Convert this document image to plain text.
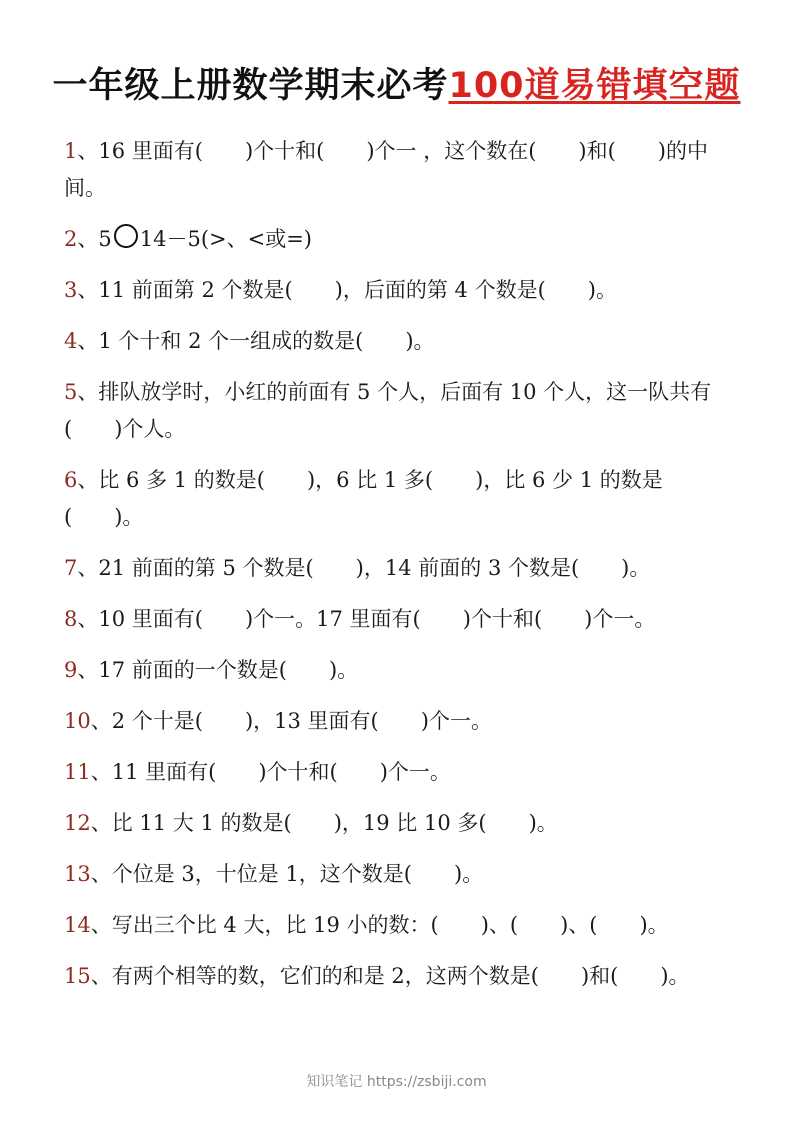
一年级上册数学期末必考100道易错填空题
1、16 里面有(　　)个十和(　　)个一 ，这个数在(　　)和(　　)的中间。
2、5 14－5(>、<或=)
3、11 前面第 2 个数是(　　)，后面的第 4 个数是(　　)。
4、1 个十和 2 个一组成的数是(　　)。
5、排队放学时，小红的前面有 5 个人，后面有 10 个人，这一队共有(　　)个人。
6、比 6 多 1 的数是(　　)，6 比 1 多(　　)，比 6 少 1 的数是(　　)。
7、21 前面的第 5 个数是(　　)，14 前面的 3 个数是(　　)。
8、10 里面有(　　)个一。17 里面有(　　)个十和(　　)个一。
9、17 前面的一个数是(　　)。
10、2 个十是(　　)，13 里面有(　　)个一。
11、11 里面有(　　)个十和(　　)个一。
12、比 11 大 1 的数是(　　)，19 比 10 多(　　)。
13、个位是 3，十位是 1，这个数是(　　)。
14、写出三个比 4 大，比 19 小的数：(　　)、(　　)、(　　)。
15、有两个相等的数，它们的和是 2，这两个数是(　　)和(　　)。
知识笔记 https://zsbiji.com
